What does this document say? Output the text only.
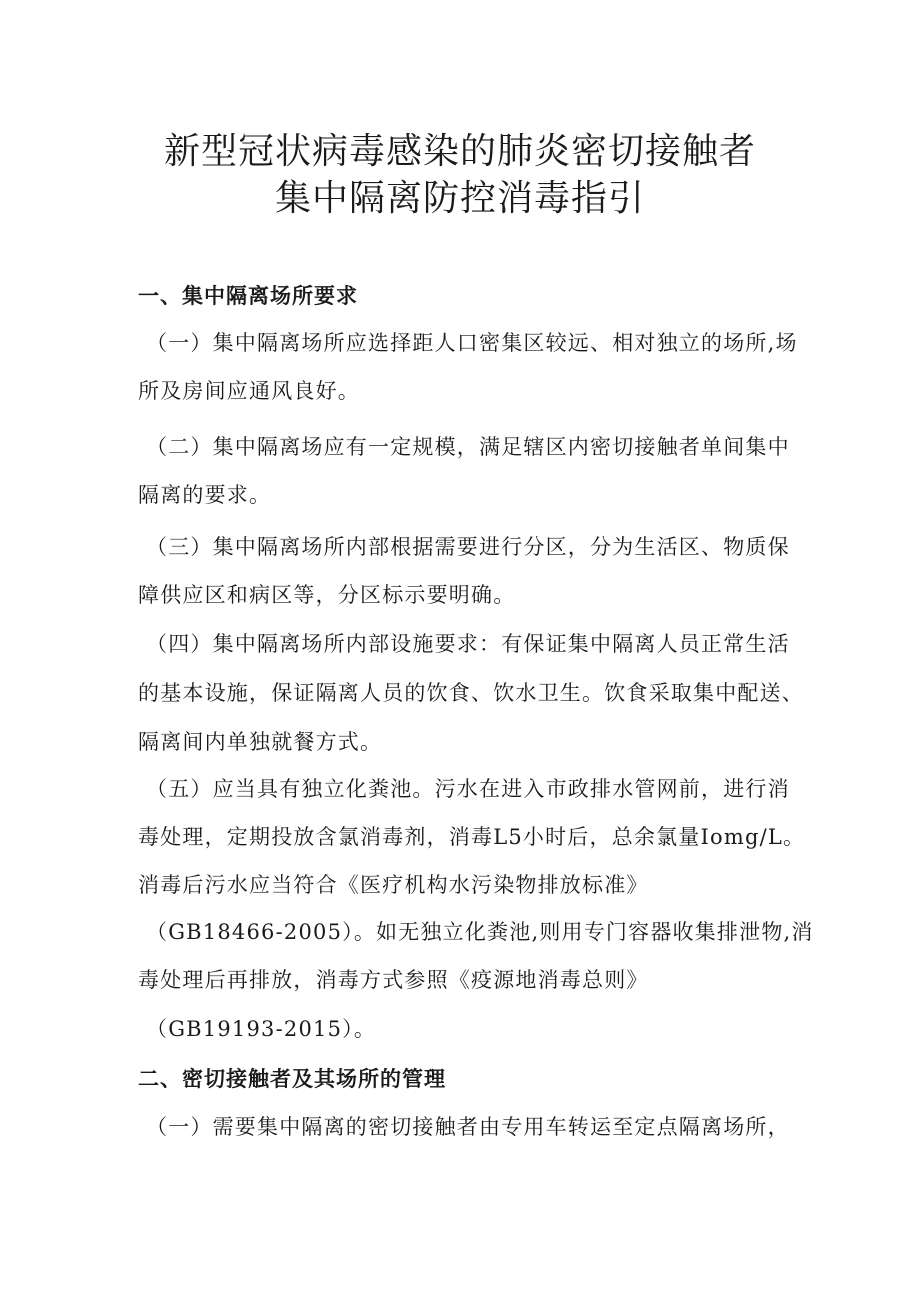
新型冠状病毒感染的肺炎密切接触者
集中隔离防控消毒指引
一、集中隔离场所要求
（一）集中隔离场所应选择距人口密集区较远、相对独立的场所,场
所及房间应通风良好。
（二）集中隔离场应有一定规模，满足辖区内密切接触者单间集中
隔离的要求。
（三）集中隔离场所内部根据需要进行分区，分为生活区、物质保
障供应区和病区等，分区标示要明确。
（四）集中隔离场所内部设施要求：有保证集中隔离人员正常生活
的基本设施，保证隔离人员的饮食、饮水卫生。饮食采取集中配送、
隔离间内单独就餐方式。
（五）应当具有独立化粪池。污水在进入市政排水管网前，进行消
毒处理，定期投放含氯消毒剂，消毒L5小时后，总余氯量Iomg/L。
消毒后污水应当符合《医疗机构水污染物排放标准》
（GB18466-2005）。如无独立化粪池,则用专门容器收集排泄物,消
毒处理后再排放，消毒方式参照《疫源地消毒总则》
（GB19193-2015）。
二、密切接触者及其场所的管理
（一）需要集中隔离的密切接触者由专用车转运至定点隔离场所，
